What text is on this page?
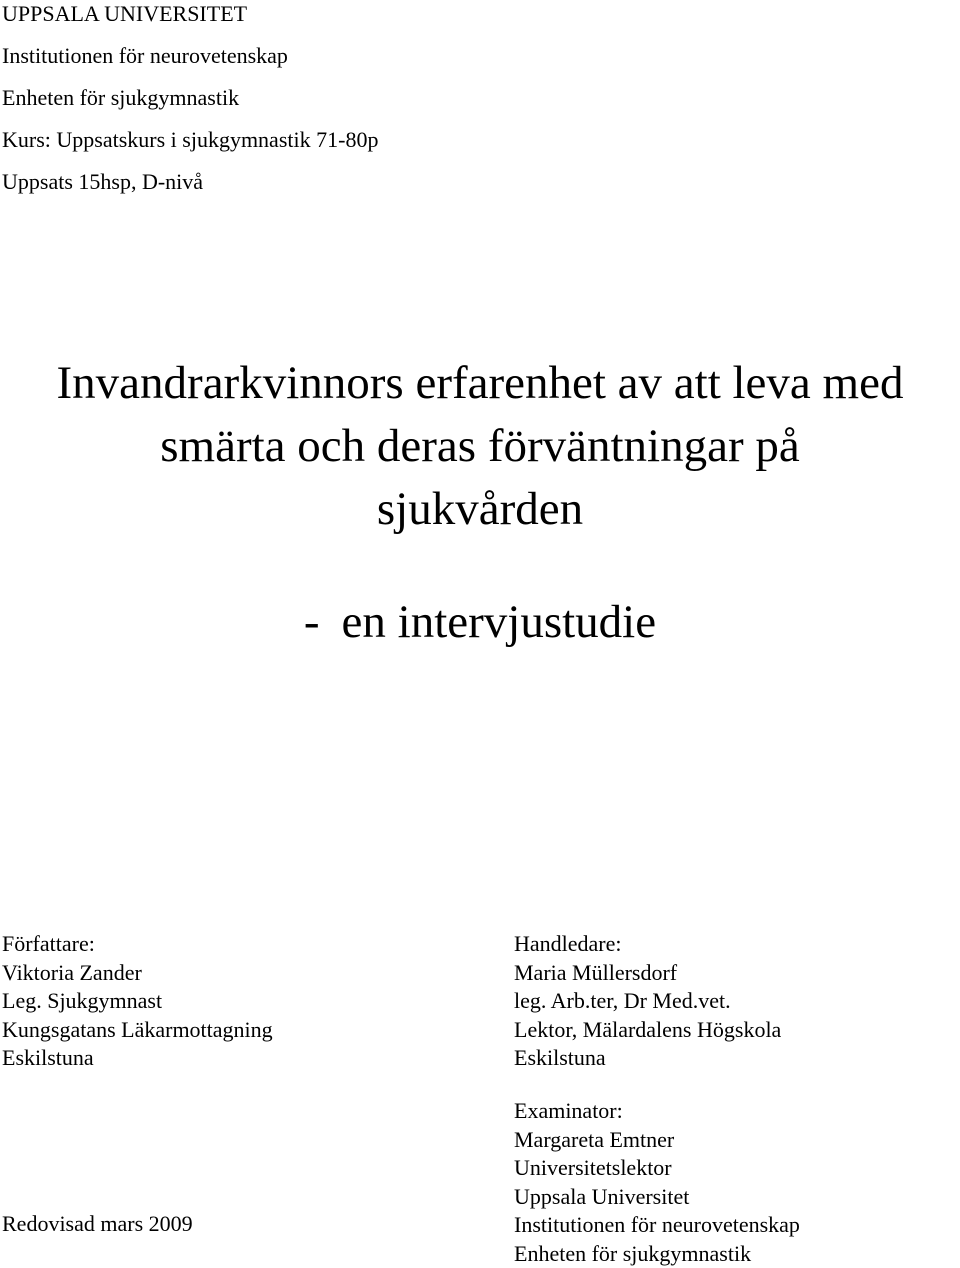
UPPSALA UNIVERSITET
Institutionen för neurovetenskap
Enheten för sjukgymnastik
Kurs: Uppsatskurs i sjukgymnastik 71-80p
Uppsats 15hsp, D-nivå
Invandrarkvinnors erfarenhet av att leva med
smärta och deras förväntningar på
sjukvården
- en intervjustudie
Författare:
Viktoria Zander
Leg. Sjukgymnast
Kungsgatans Läkarmottagning
Eskilstuna
Handledare:
Maria Müllersdorf
leg. Arb.ter, Dr Med.vet.
Lektor, Mälardalens Högskola
Eskilstuna
Examinator:
Margareta Emtner
Universitetslektor
Uppsala Universitet
Institutionen för neurovetenskap
Enheten för sjukgymnastik
Redovisad mars 2009
